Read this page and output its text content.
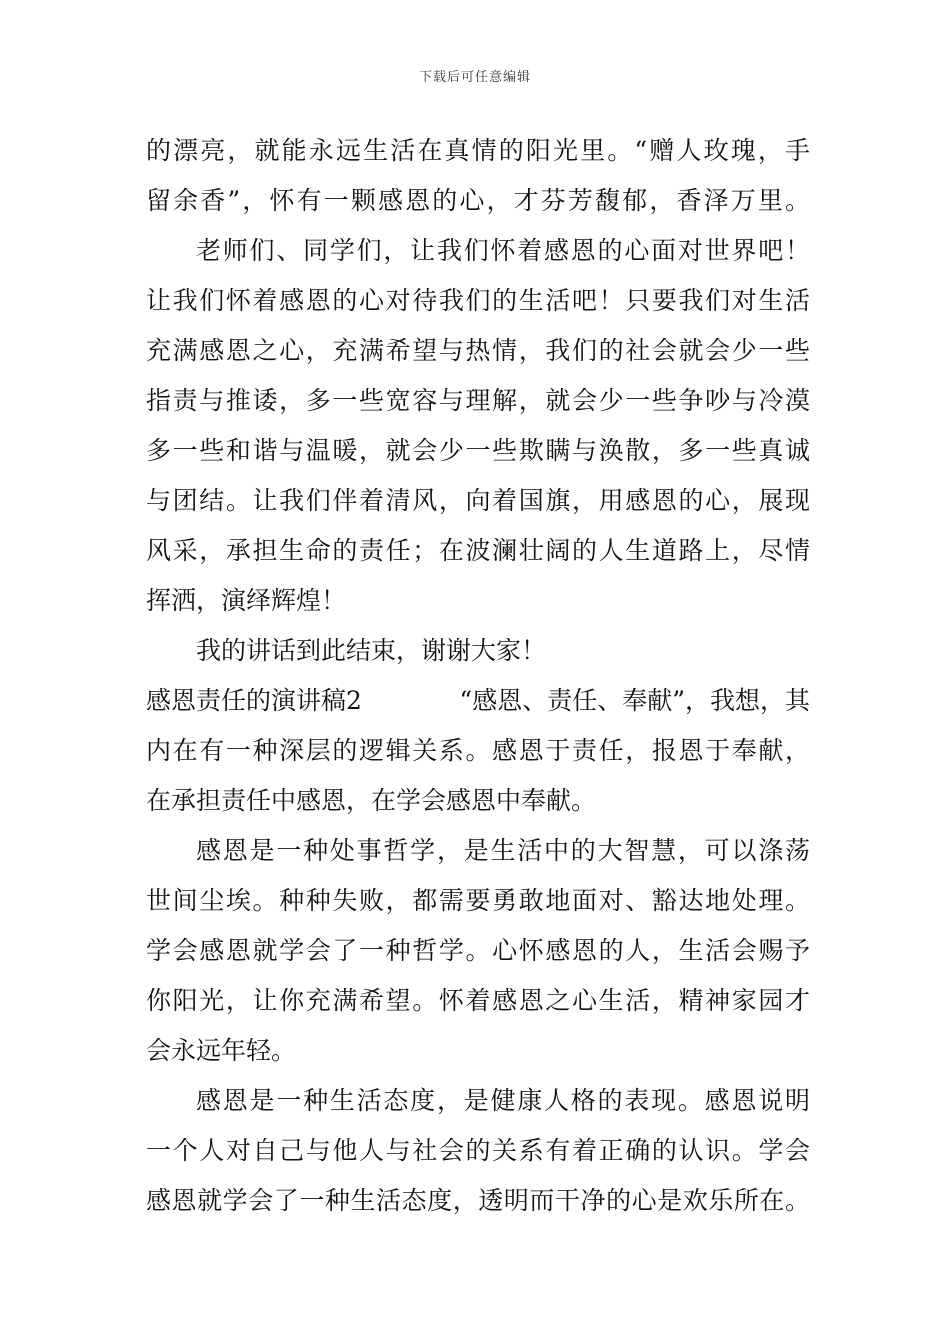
下载后可任意编辑
的漂亮，就能永远生活在真情的阳光里。“赠人玫瑰，手
留余香”，怀有一颗感恩的心，才芬芳馥郁，香泽万里。
老师们、同学们，让我们怀着感恩的心面对世界吧！
让我们怀着感恩的心对待我们的生活吧！只要我们对生活
充满感恩之心，充满希望与热情，我们的社会就会少一些
指责与推诿，多一些宽容与理解，就会少一些争吵与冷漠
多一些和谐与温暖，就会少一些欺瞒与涣散，多一些真诚
与团结。让我们伴着清风，向着国旗，用感恩的心，展现
风采，承担生命的责任；在波澜壮阔的人生道路上，尽情
挥洒，演绎辉煌！
我的讲话到此结束，谢谢大家！
感恩责任的演讲稿2	“感恩、责任、奉献”，我想，其
内在有一种深层的逻辑关系。感恩于责任，报恩于奉献，
在承担责任中感恩，在学会感恩中奉献。
感恩是一种处事哲学，是生活中的大智慧，可以涤荡
世间尘埃。种种失败，都需要勇敢地面对、豁达地处理。
学会感恩就学会了一种哲学。心怀感恩的人，生活会赐予
你阳光，让你充满希望。怀着感恩之心生活，精神家园才
会永远年轻。
感恩是一种生活态度，是健康人格的表现。感恩说明
一个人对自己与他人与社会的关系有着正确的认识。学会
感恩就学会了一种生活态度，透明而干净的心是欢乐所在。
